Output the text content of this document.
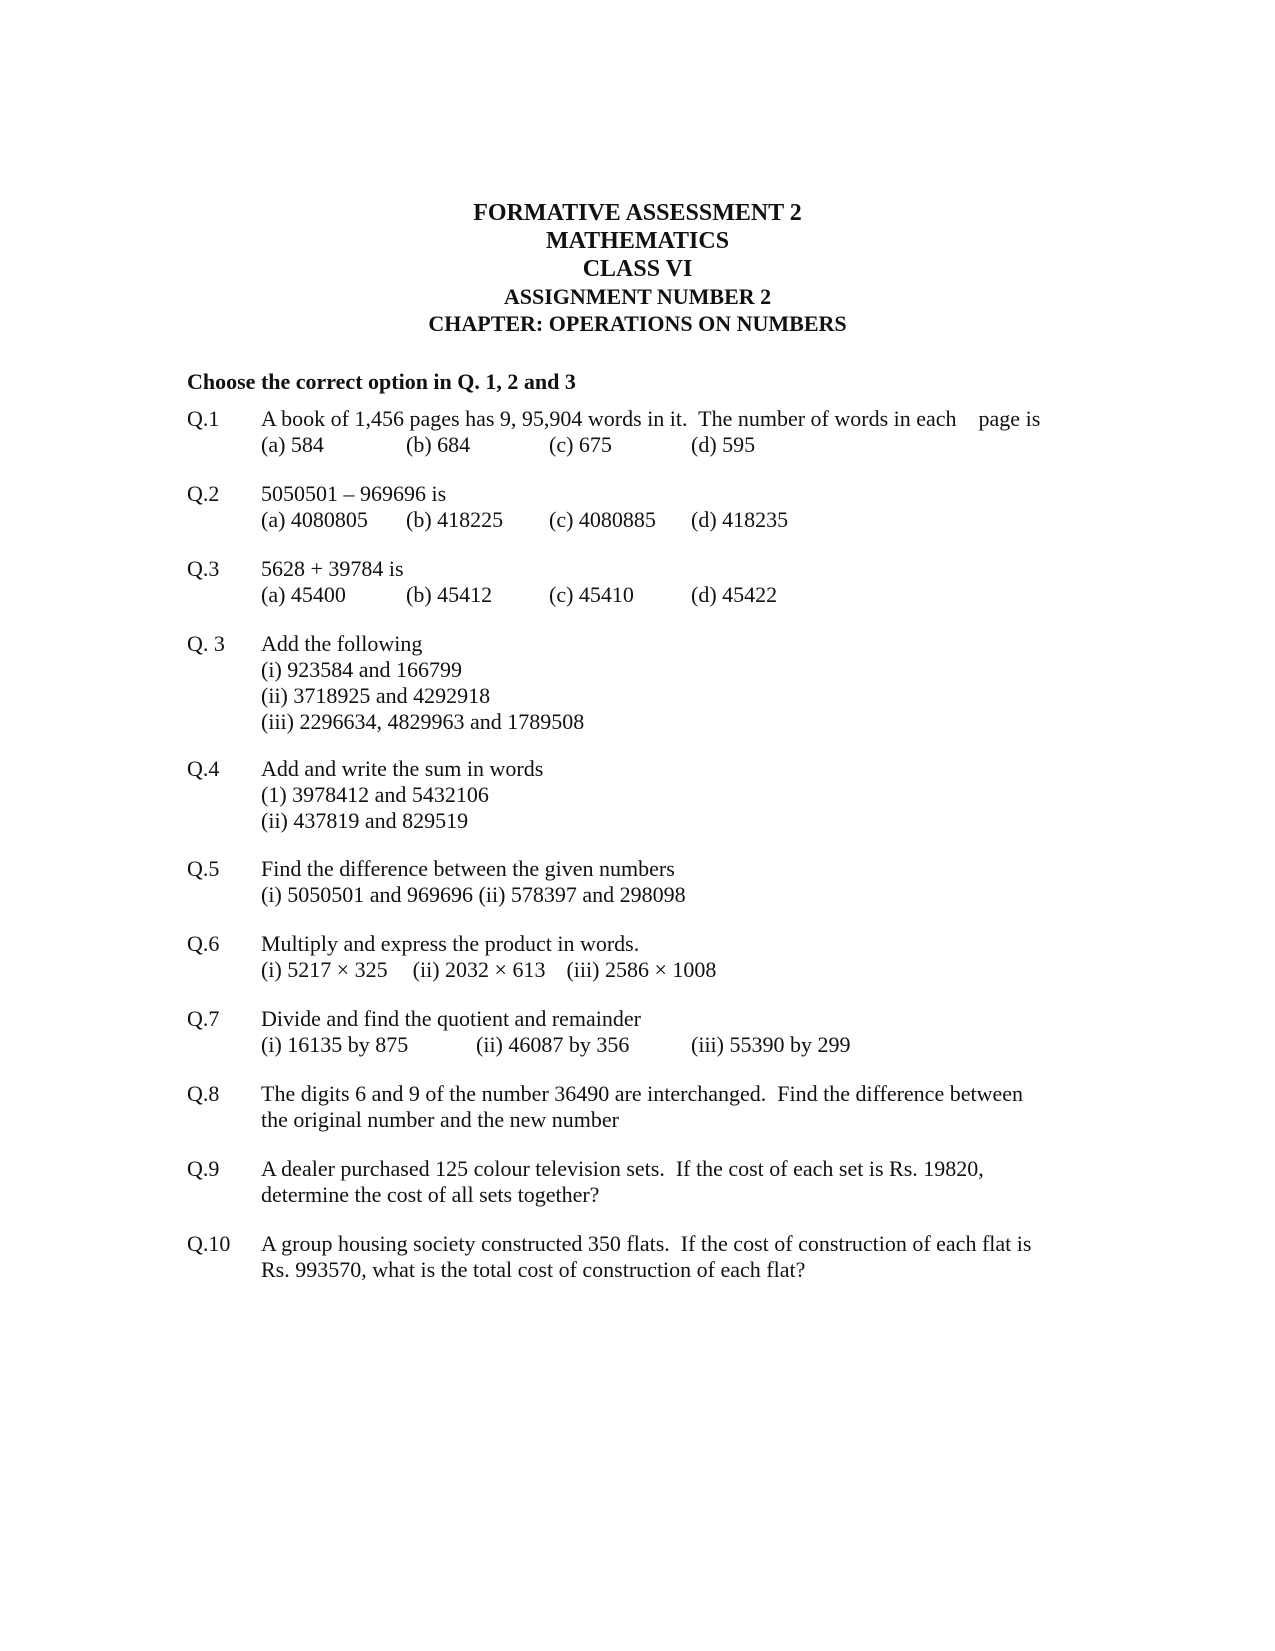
FORMATIVE ASSESSMENT 2
MATHEMATICS
CLASS VI
ASSIGNMENT NUMBER 2
CHAPTER: OPERATIONS ON NUMBERS
Choose the correct option in Q. 1, 2 and 3
Q.1 A book of 1,456 pages has 9, 95,904 words in it.  The number of words in each    page is
(a) 584	(b) 684	(c) 675	(d) 595
Q.2 5050501 – 969696 is
(a) 4080805 (b) 418225 (c) 4080885 (d) 418235
Q.3 5628 + 39784 is
(a) 45400	(b) 45412	(c) 45410	(d) 45422
Q. 3 Add the following
(i) 923584 and 166799
(ii) 3718925 and 4292918
(iii) 2296634, 4829963 and 1789508
Q.4 Add and write the sum in words
(1) 3978412 and 5432106
(ii) 437819 and 829519
Q.5 Find the difference between the given numbers
(i) 5050501 and 969696 (ii) 578397 and 298098
Q.6 Multiply and express the product in words.
(i) 5217 × 325 (ii) 2032 × 613 (iii) 2586 × 1008
Q.7 Divide and find the quotient and remainder
(i) 16135 by 875	(ii) 46087 by 356	(iii) 55390 by 299
Q.8 The digits 6 and 9 of the number 36490 are interchanged.  Find the difference between
the original number and the new number
Q.9 A dealer purchased 125 colour television sets.  If the cost of each set is Rs. 19820,
determine the cost of all sets together?
Q.10 A group housing society constructed 350 flats.  If the cost of construction of each flat is
Rs. 993570, what is the total cost of construction of each flat?
